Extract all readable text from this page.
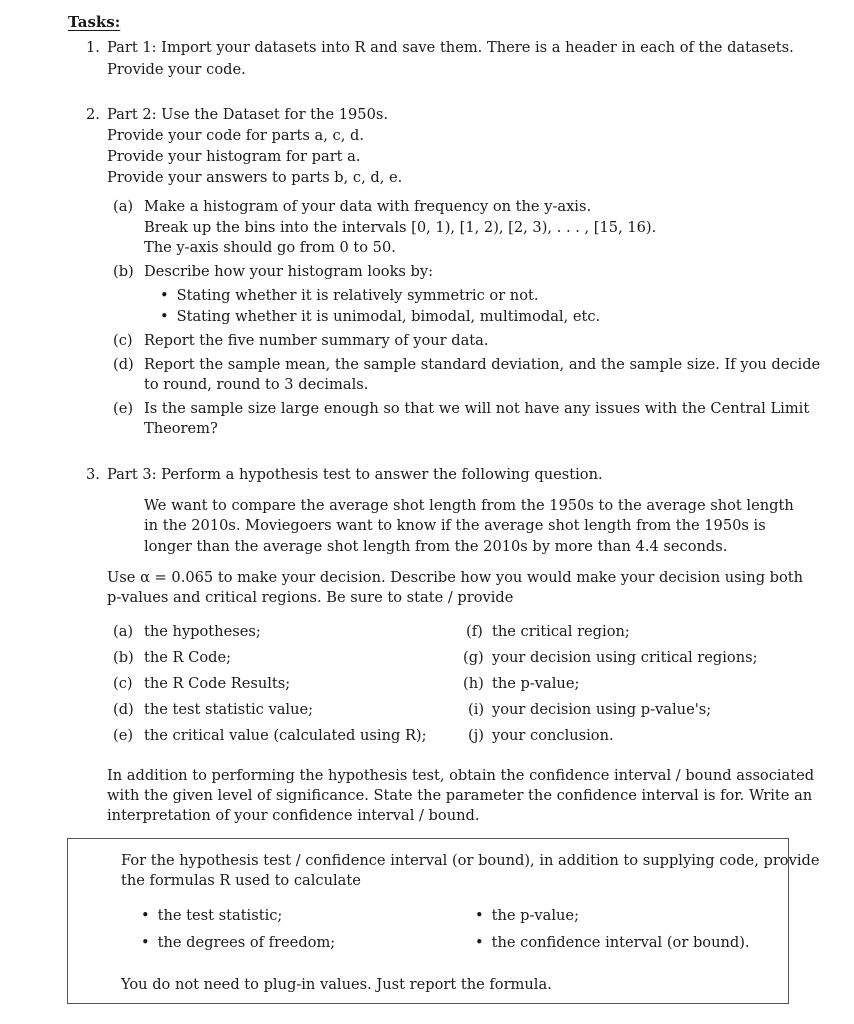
Tasks:
1. Part 1: Import your datasets into R and save them. There is a header in each of the datasets.
Provide your code.
2. Part 2: Use the Dataset for the 1950s.
Provide your code for parts a, c, d.
Provide your histogram for part a.
Provide your answers to parts b, c, d, e.
(a) Make a histogram of your data with frequency on the y-axis.
Break up the bins into the intervals [0, 1), [1, 2), [2, 3), . . . , [15, 16).
The y-axis should go from 0 to 50.
(b) Describe how your histogram looks by:
• Stating whether it is relatively symmetric or not.
• Stating whether it is unimodal, bimodal, multimodal, etc.
(c) Report the five number summary of your data.
(d) Report the sample mean, the sample standard deviation, and the sample size. If you decide
to round, round to 3 decimals.
(e) Is the sample size large enough so that we will not have any issues with the Central Limit
Theorem?
3. Part 3: Perform a hypothesis test to answer the following question.
We want to compare the average shot length from the 1950s to the average shot length
in the 2010s. Moviegoers want to know if the average shot length from the 1950s is
longer than the average shot length from the 2010s by more than 4.4 seconds.
Use α = 0.065 to make your decision. Describe how you would make your decision using both
p-values and critical regions. Be sure to state / provide
(a) the hypotheses;
(b) the R Code;
(c) the R Code Results;
(d) the test statistic value;
(e) the critical value (calculated using R);
(f) the critical region;
(g) your decision using critical regions;
(h) the p-value;
(i) your decision using p-value's;
(j) your conclusion.
In addition to performing the hypothesis test, obtain the confidence interval / bound associated
with the given level of significance. State the parameter the confidence interval is for. Write an
interpretation of your confidence interval / bound.
For the hypothesis test / confidence interval (or bound), in addition to supplying code, provide
the formulas R used to calculate
• the test statistic;
• the degrees of freedom;
• the p-value;
• the confidence interval (or bound).
You do not need to plug-in values. Just report the formula.
